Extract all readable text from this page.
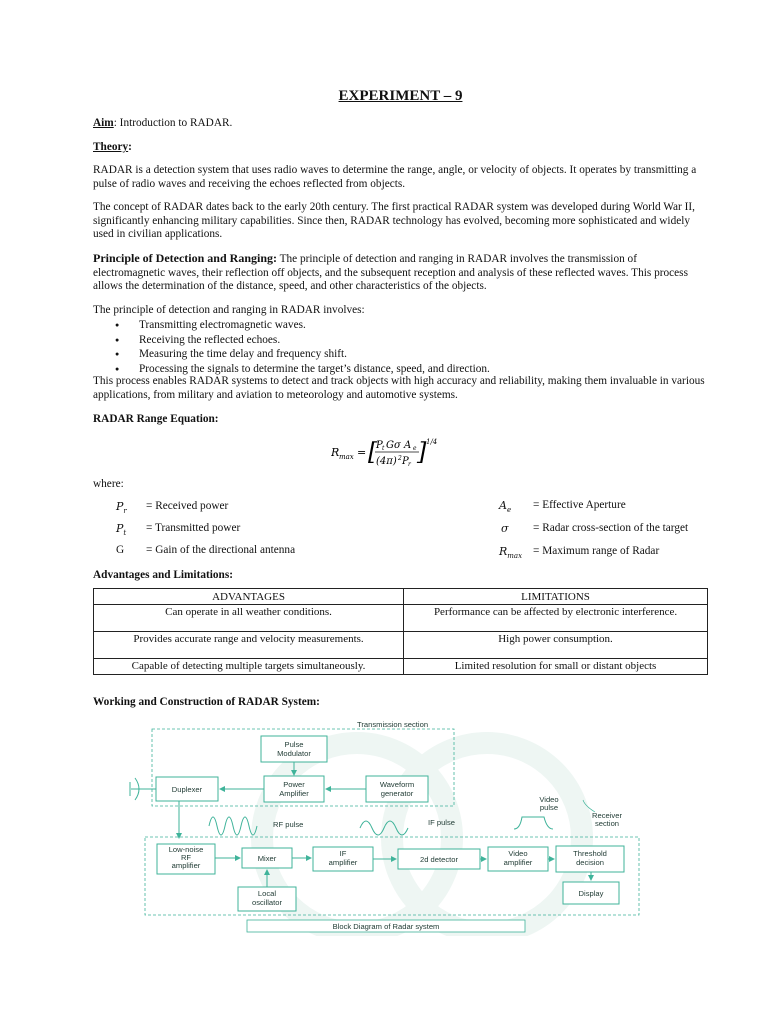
EXPERIMENT – 9
Aim: Introduction to RADAR.
Theory:
RADAR is a detection system that uses radio waves to determine the range, angle, or velocity of objects. It operates by transmitting a pulse of radio waves and receiving the echoes reflected from objects.
The concept of RADAR dates back to the early 20th century. The first practical RADAR system was developed during World War II, significantly enhancing military capabilities. Since then, RADAR technology has evolved, becoming more sophisticated and widely used in civilian applications.
Principle of Detection and Ranging: The principle of detection and ranging in RADAR involves the transmission of electromagnetic waves, their reflection off objects, and the subsequent reception and analysis of these reflected waves. This process allows the determination of the distance, speed, and other characteristics of the objects.
The principle of detection and ranging in RADAR involves:
● Transmitting electromagnetic waves.
● Receiving the reflected echoes.
● Measuring the time delay and frequency shift.
● Processing the signals to determine the target’s distance, speed, and direction.
This process enables RADAR systems to detect and track objects with high accuracy and reliability, making them invaluable in various applications, from military and aviation to meteorology and automotive systems.
RADAR Range Equation:
R max = [
P t Gσ A e
(4π) 2 P r ] 1/4
where:
$P_r$ = Received power
$P_t$ = Transmitted power
G = Gain of the directional antenna
$A_e$ = Effective Aperture
σ = Radar cross-section of the target
$R_{max}$ = Maximum range of Radar
Advantages and Limitations:
ADVANTAGES	LIMITATIONS
Can operate in all weather conditions.	Performance can be affected by electronic interference.
Provides accurate range and velocity measurements.	High power consumption.
Capable of detecting multiple targets simultaneously.	Limited resolution for small or distant objects
Working and Construction of RADAR System:
Transmission section
Pulse
Modulator
Duplexer
Power
Amplifier
Waveform
generator
RF pulse	IF pulse
Video
pulse
Receiver
section
Low-noise
RF
amplifier
Mixer
IF
amplifier	2d detector
Video
amplifier
Threshold
decision
Local
oscillator
Display
Block Diagram of Radar system
